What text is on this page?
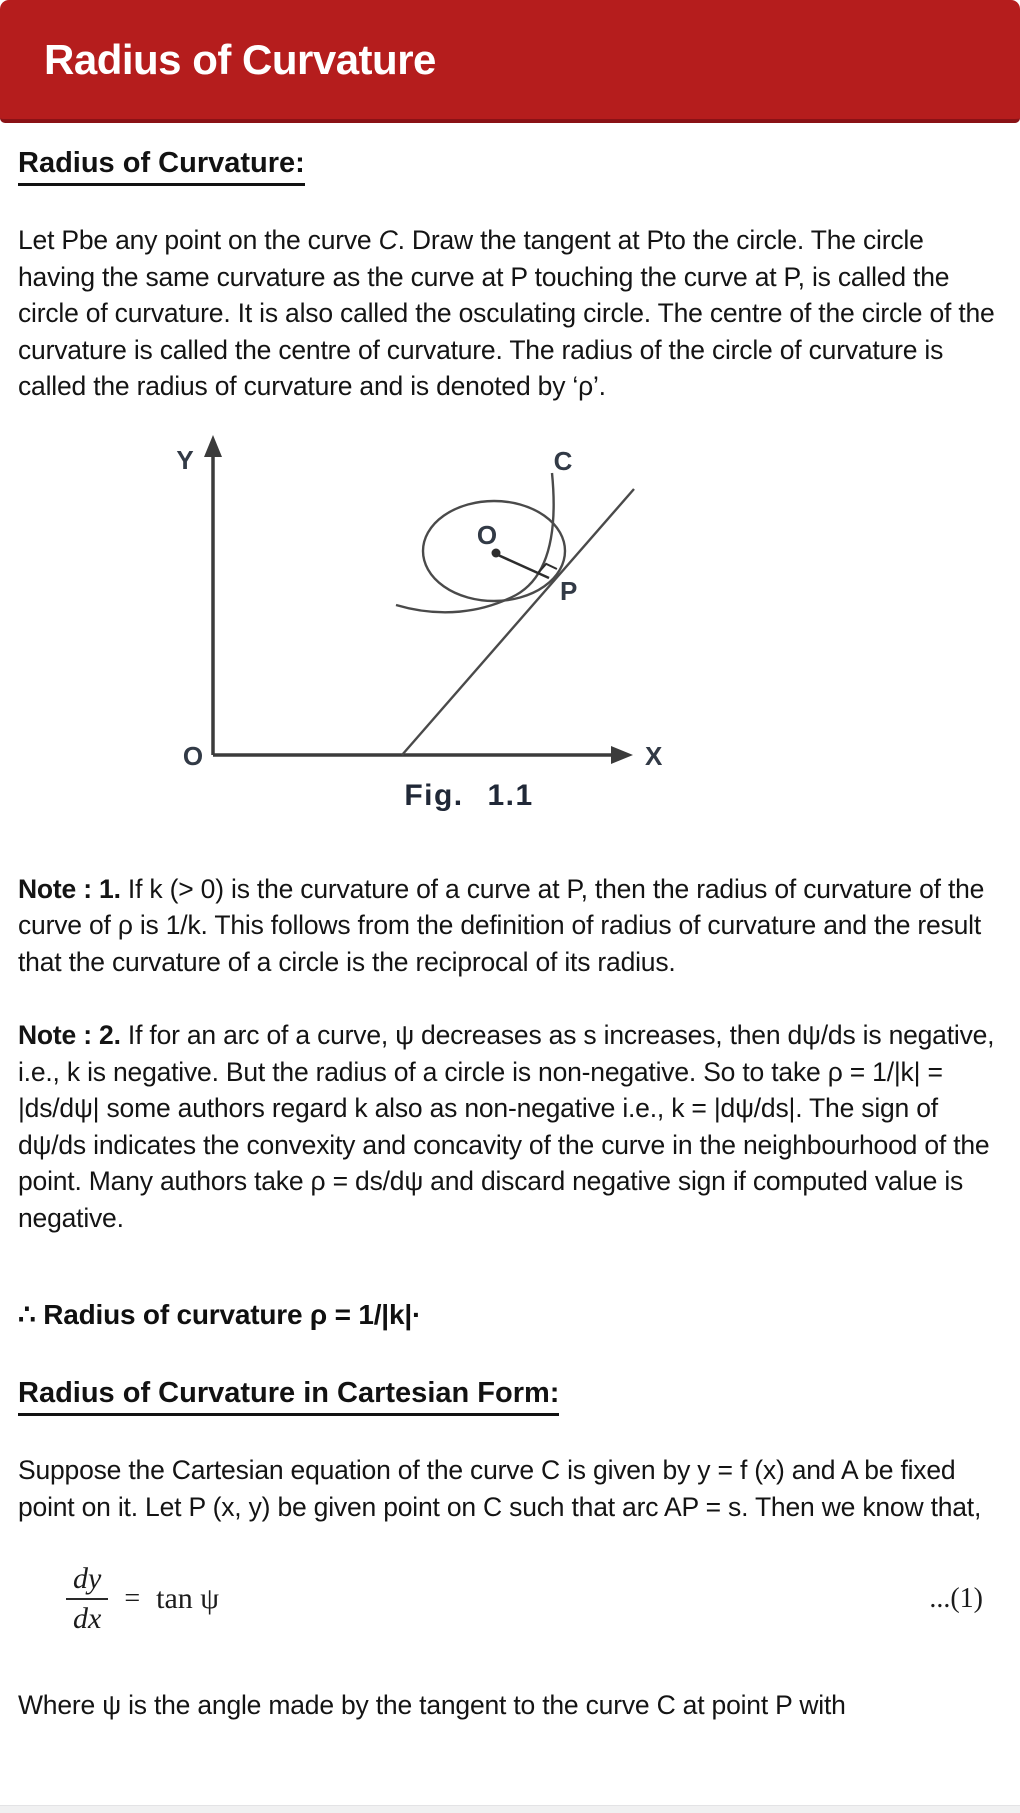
Radius of Curvature
Radius of Curvature:

Let Pbe any point on the curve C. Draw the tangent at Pto the circle. The circle having the same curvature as the curve at P touching the curve at P, is called the circle of curvature. It is also called the osculating circle. The centre of the circle of the curvature is called the centre of curvature. The radius of the circle of curvature is called the radius of curvature and is denoted by ‘ρ’.

Y	C
O
P
O	X
Fig. 1.1

Note : 1. If k (> 0) is the curvature of a curve at P, then the radius of curvature of the curve of ρ is 1/k. This follows from the definition of radius of curvature and the result that the curvature of a circle is the reciprocal of its radius.

Note : 2. If for an arc of a curve, ψ decreases as s increases, then dψ/ds is negative, i.e., k is negative. But the radius of a circle is non-negative. So to take ρ = 1/|k| = |ds/dψ| some authors regard k also as non-negative i.e., k = |dψ/ds|. The sign of dψ/ds indicates the convexity and concavity of the curve in the neighbourhood of the point. Many authors take ρ = ds/dψ and discard negative sign if computed value is negative.

∴ Radius of curvature ρ = 1/|k|·
Radius of Curvature in Cartesian Form:

Suppose the Cartesian equation of the curve C is given by y = f (x) and A be fixed point on it. Let P (x, y) be given point on C such that arc AP = s. Then we know that,

$\frac{dy}{dx} = \tan \psi$	...(1)

Where ψ is the angle made by the tangent to the curve C at point P with
